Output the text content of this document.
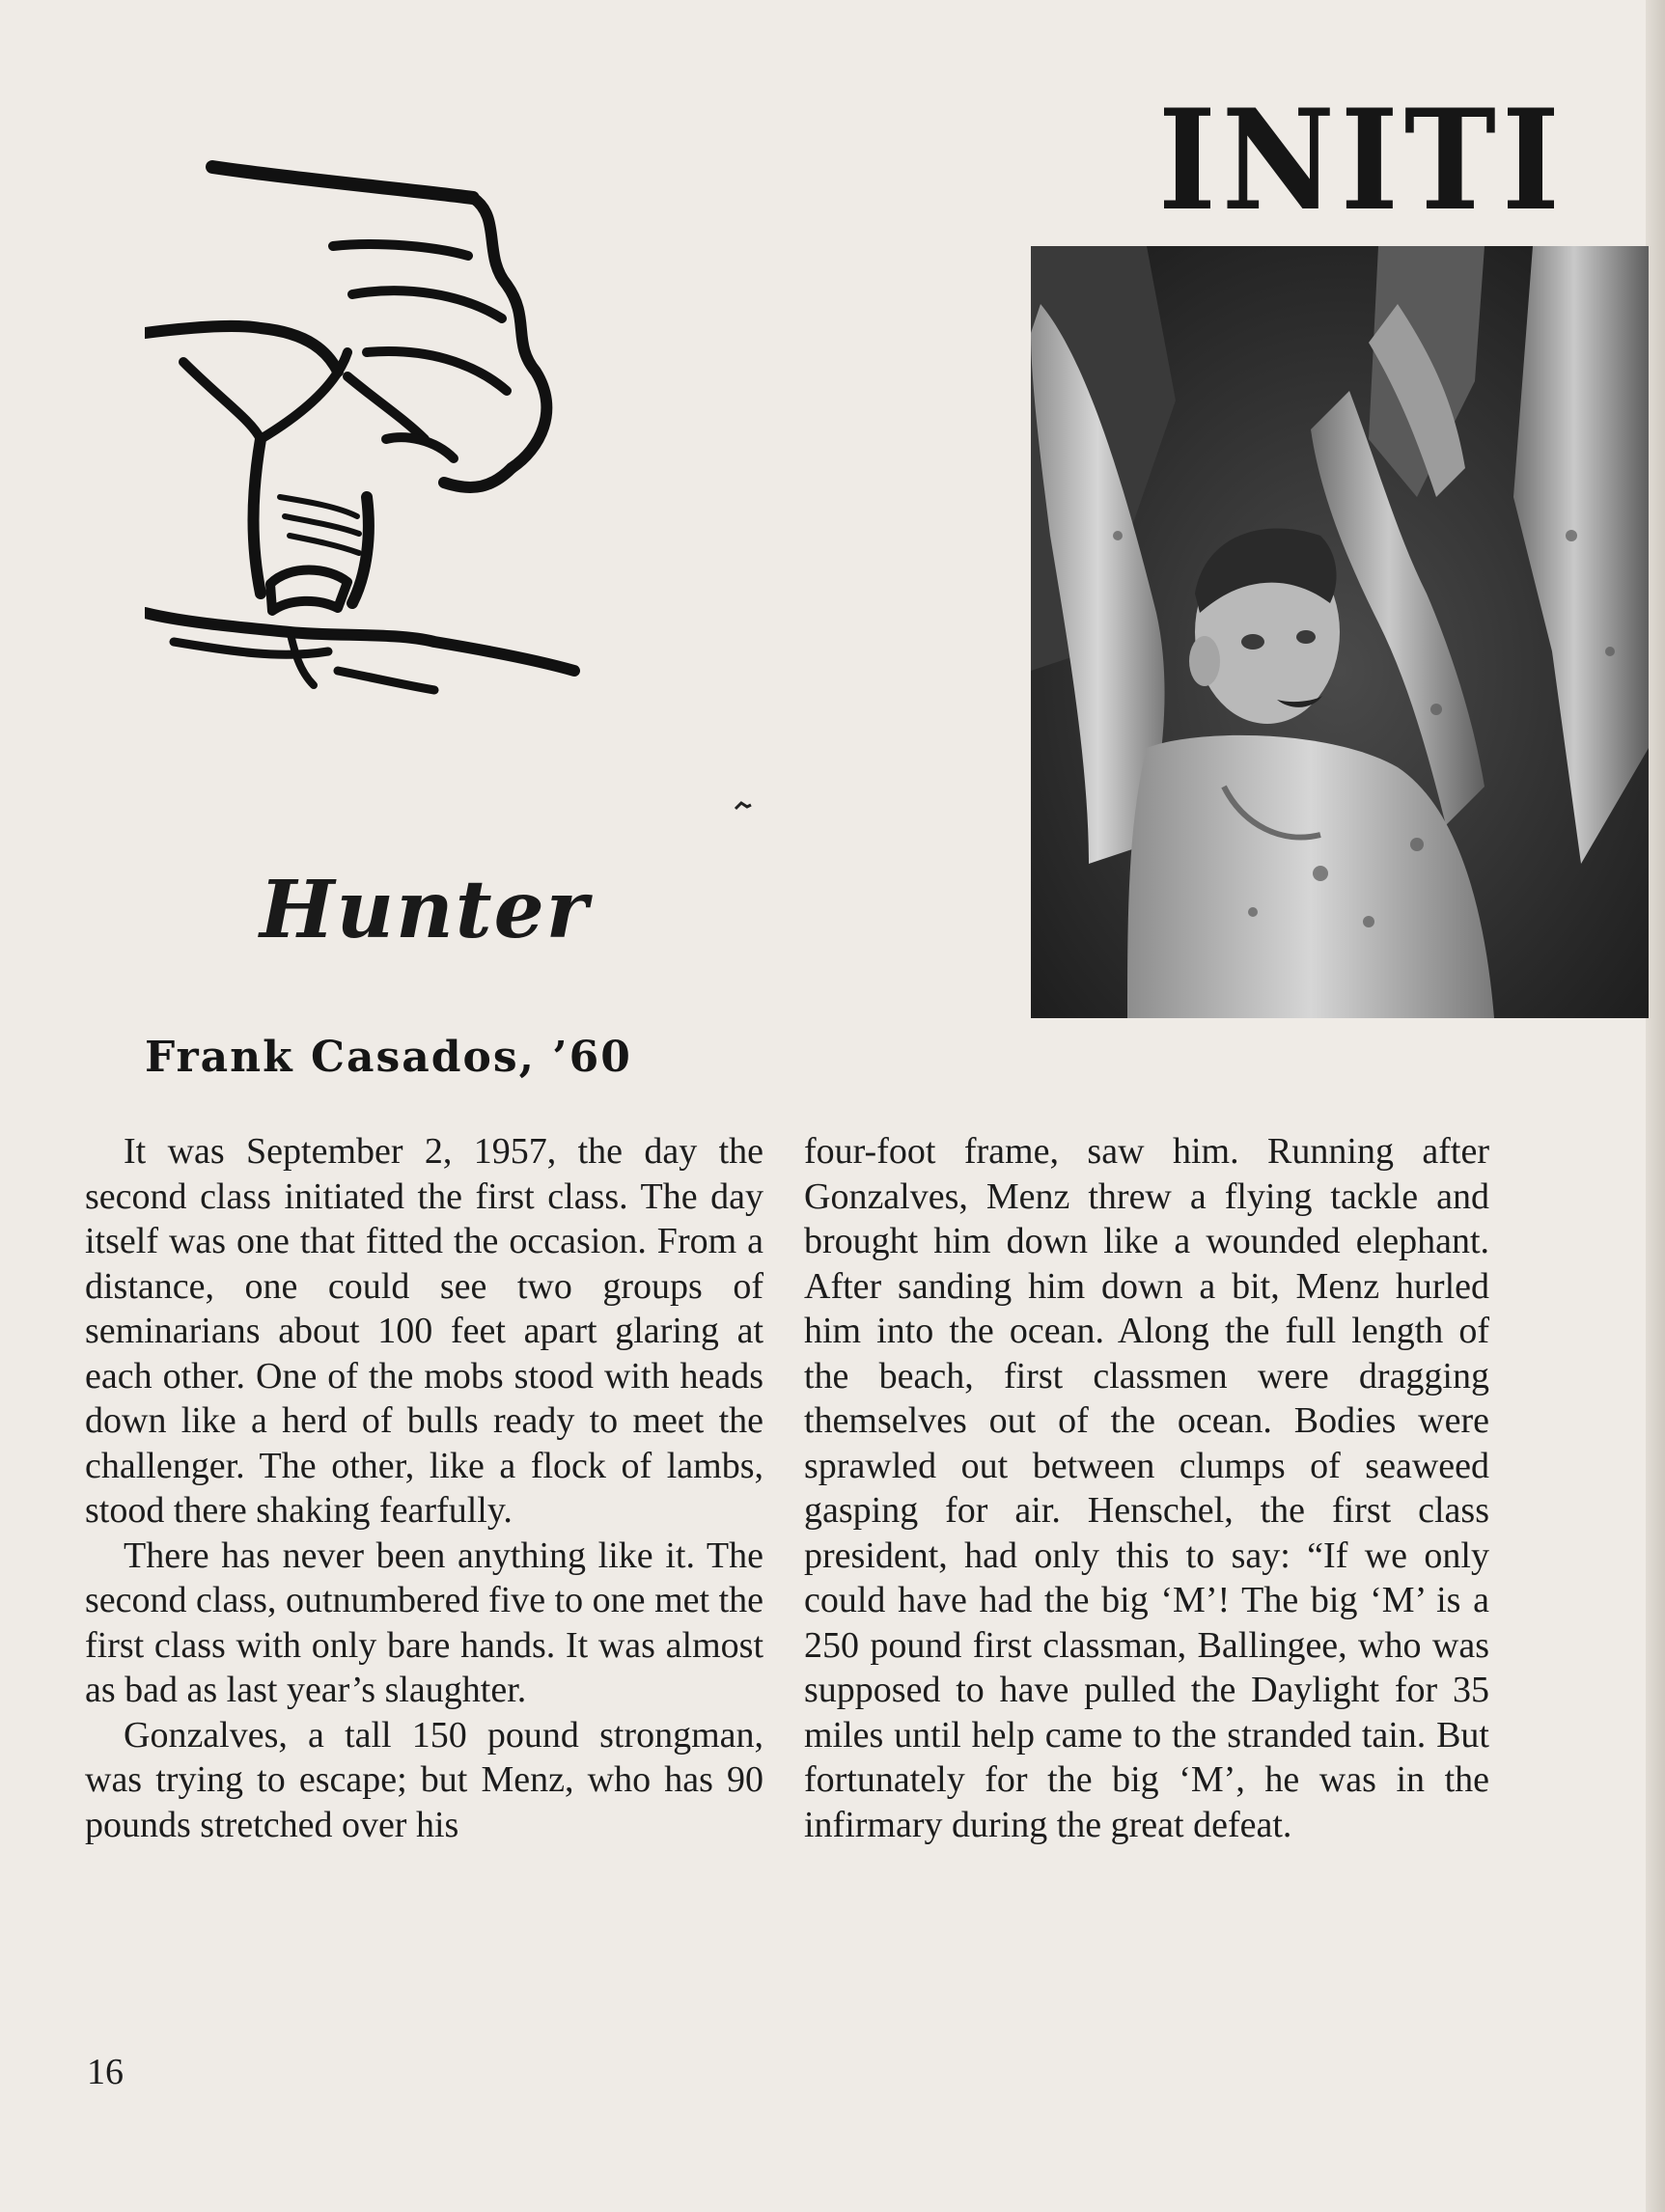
INITI
Hunter
Frank Casados, ’60

It was September 2, 1957, the day the second class initiated the first class. The day itself was one that fitted the occasion. From a distance, one could see two groups of seminarians about 100 feet apart glaring at each other. One of the mobs stood with heads down like a herd of bulls ready to meet the challenger. The other, like a flock of lambs, stood there shaking fearfully.

There has never been anything like it. The second class, outnumbered five to one met the first class with only bare hands. It was almost as bad as last year’s slaughter.

Gonzalves, a tall 150 pound strongman, was trying to escape; but Menz, who has 90 pounds stretched over his

four-foot frame, saw him. Running after Gonzalves, Menz threw a flying tackle and brought him down like a wounded elephant. After sanding him down a bit, Menz hurled him into the ocean. Along the full length of the beach, first classmen were dragging themselves out of the ocean. Bodies were sprawled out between clumps of seaweed gasping for air. Henschel, the first class president, had only this to say: “If we only could have had the big ‘M’! The big ‘M’ is a 250 pound first classman, Ballingee, who was supposed to have pulled the Daylight for 35 miles until help came to the stranded tain. But fortunately for the big ‘M’, he was in the infirmary during the great defeat.

16
